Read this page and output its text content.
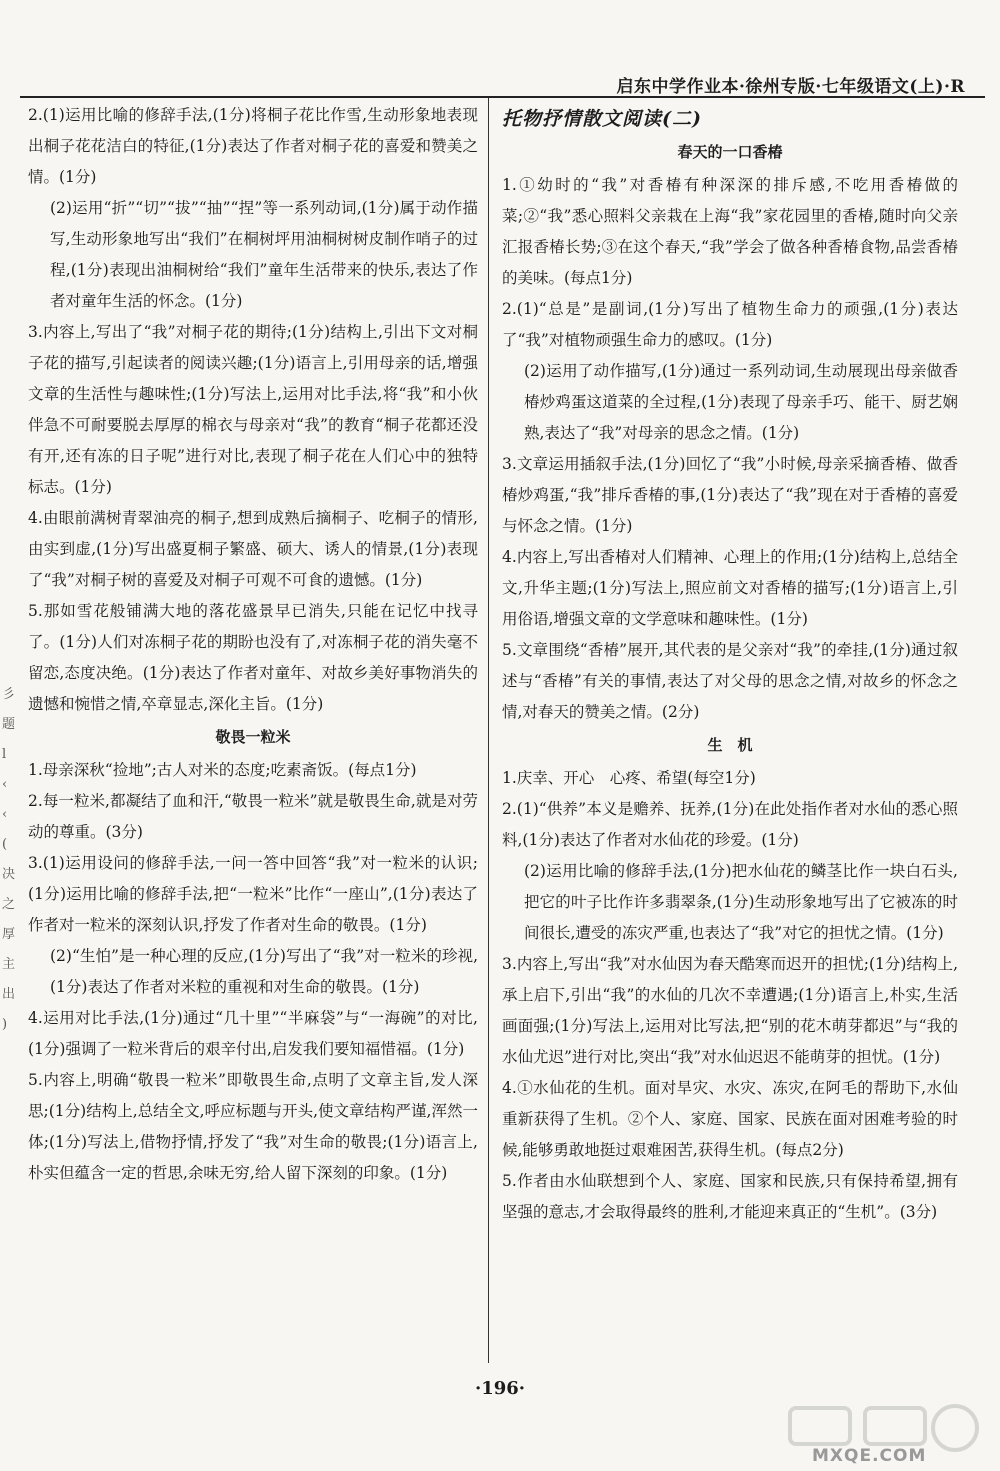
启东中学作业本·徐州专版·七年级语文(上)·R
彡
题
l
‹
‹
(
决
之
厚
主
出
)

2.(1)运用比喻的修辞手法,(1分)将桐子花比作雪,生动形象地表现出桐子花花洁白的特征,(1分)表达了作者对桐子花的喜爱和赞美之情。(1分)

(2)运用“折”“切”“拔”“抽”“捏”等一系列动词,(1分)属于动作描写,生动形象地写出“我们”在桐树坪用油桐树树皮制作哨子的过程,(1分)表现出油桐树给“我们”童年生活带来的快乐,表达了作者对童年生活的怀念。(1分)

3.内容上,写出了“我”对桐子花的期待;(1分)结构上,引出下文对桐子花的描写,引起读者的阅读兴趣;(1分)语言上,引用母亲的话,增强文章的生活性与趣味性;(1分)写法上,运用对比手法,将“我”和小伙伴急不可耐要脱去厚厚的棉衣与母亲对“我”的教育“桐子花都还没有开,还有冻的日子呢”进行对比,表现了桐子花在人们心中的独特标志。(1分)

4.由眼前满树青翠油亮的桐子,想到成熟后摘桐子、吃桐子的情形,由实到虚,(1分)写出盛夏桐子繁盛、硕大、诱人的情景,(1分)表现了“我”对桐子树的喜爱及对桐子可观不可食的遗憾。(1分)

5.那如雪花般铺满大地的落花盛景早已消失,只能在记忆中找寻了。(1分)人们对冻桐子花的期盼也没有了,对冻桐子花的消失毫不留恋,态度决绝。(1分)表达了作者对童年、对故乡美好事物消失的遗憾和惋惜之情,卒章显志,深化主旨。(1分)

敬畏一粒米

1.母亲深秋“捡地”;古人对米的态度;吃素斋饭。(每点1分)

2.每一粒米,都凝结了血和汗,“敬畏一粒米”就是敬畏生命,就是对劳动的尊重。(3分)

3.(1)运用设问的修辞手法,一问一答中回答“我”对一粒米的认识;(1分)运用比喻的修辞手法,把“一粒米”比作“一座山”,(1分)表达了作者对一粒米的深刻认识,抒发了作者对生命的敬畏。(1分)

(2)“生怕”是一种心理的反应,(1分)写出了“我”对一粒米的珍视,(1分)表达了作者对米粒的重视和对生命的敬畏。(1分)

4.运用对比手法,(1分)通过“几十里”“半麻袋”与“一海碗”的对比,(1分)强调了一粒米背后的艰辛付出,启发我们要知福惜福。(1分)

5.内容上,明确“敬畏一粒米”即敬畏生命,点明了文章主旨,发人深思;(1分)结构上,总结全文,呼应标题与开头,使文章结构严谨,浑然一体;(1分)写法上,借物抒情,抒发了“我”对生命的敬畏;(1分)语言上,朴实但蕴含一定的哲思,余味无穷,给人留下深刻的印象。(1分)

托物抒情散文阅读(二)
春天的一口香椿

1.①幼时的“我”对香椿有种深深的排斥感,不吃用香椿做的菜;②“我”悉心照料父亲栽在上海“我”家花园里的香椿,随时向父亲汇报香椿长势;③在这个春天,“我”学会了做各种香椿食物,品尝香椿的美味。(每点1分)

2.(1)“总是”是副词,(1分)写出了植物生命力的顽强,(1分)表达了“我”对植物顽强生命力的感叹。(1分)

(2)运用了动作描写,(1分)通过一系列动词,生动展现出母亲做香椿炒鸡蛋这道菜的全过程,(1分)表现了母亲手巧、能干、厨艺娴熟,表达了“我”对母亲的思念之情。(1分)

3.文章运用插叙手法,(1分)回忆了“我”小时候,母亲采摘香椿、做香椿炒鸡蛋,“我”排斥香椿的事,(1分)表达了“我”现在对于香椿的喜爱与怀念之情。(1分)

4.内容上,写出香椿对人们精神、心理上的作用;(1分)结构上,总结全文,升华主题;(1分)写法上,照应前文对香椿的描写;(1分)语言上,引用俗语,增强文章的文学意味和趣味性。(1分)

5.文章围绕“香椿”展开,其代表的是父亲对“我”的牵挂,(1分)通过叙述与“香椿”有关的事情,表达了对父母的思念之情,对故乡的怀念之情,对春天的赞美之情。(2分)

生　机

1.庆幸、开心　心疼、希望(每空1分)

2.(1)“供养”本义是赡养、抚养,(1分)在此处指作者对水仙的悉心照料,(1分)表达了作者对水仙花的珍爱。(1分)

(2)运用比喻的修辞手法,(1分)把水仙花的鳞茎比作一块白石头,把它的叶子比作许多翡翠条,(1分)生动形象地写出了它被冻的时间很长,遭受的冻灾严重,也表达了“我”对它的担忧之情。(1分)

3.内容上,写出“我”对水仙因为春天酷寒而迟开的担忧;(1分)结构上,承上启下,引出“我”的水仙的几次不幸遭遇;(1分)语言上,朴实,生活画面强;(1分)写法上,运用对比写法,把“别的花木萌芽都迟”与“我的水仙尤迟”进行对比,突出“我”对水仙迟迟不能萌芽的担忧。(1分)

4.①水仙花的生机。面对旱灾、水灾、冻灾,在阿毛的帮助下,水仙重新获得了生机。②个人、家庭、国家、民族在面对困难考验的时候,能够勇敢地挺过艰难困苦,获得生机。(每点2分)

5.作者由水仙联想到个人、家庭、国家和民族,只有保持希望,拥有坚强的意志,才会取得最终的胜利,才能迎来真正的“生机”。(3分)

·196·
MXQE.COM
